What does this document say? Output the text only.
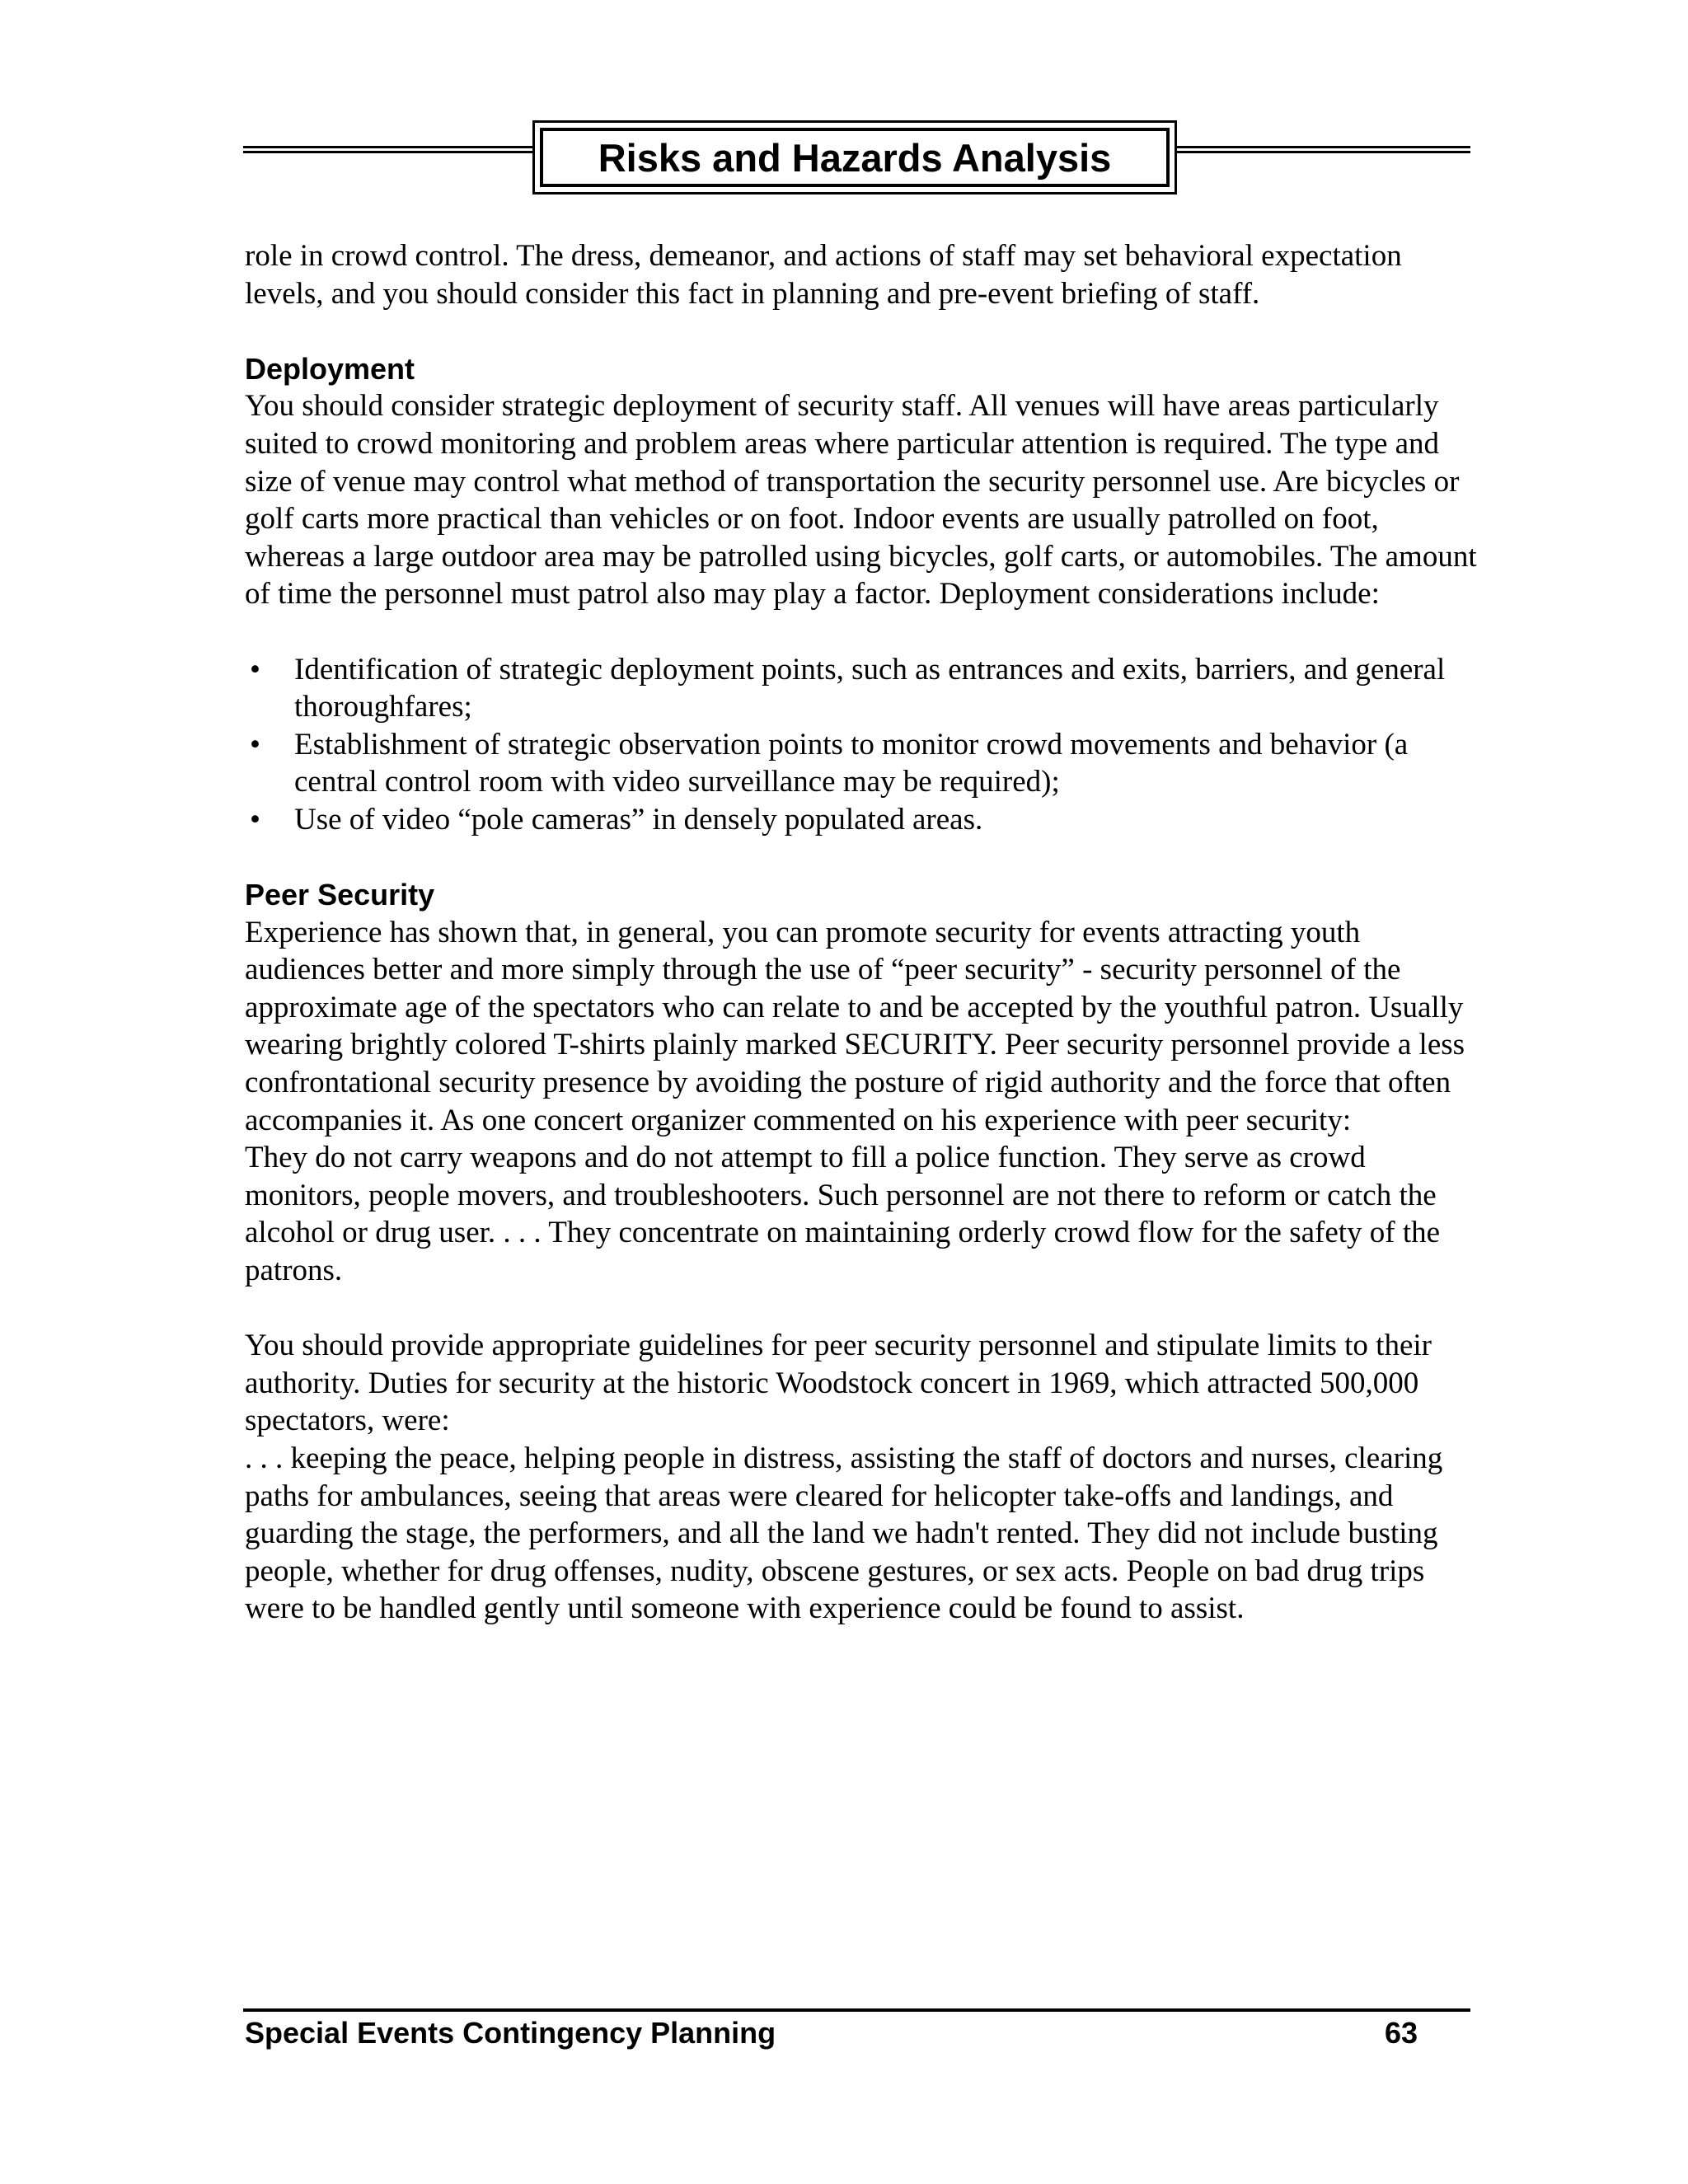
Risks and Hazards Analysis

role in crowd control. The dress, demeanor, and actions of staff may set behavioral expectation levels, and you should consider this fact in planning and pre-event briefing of staff.

Deployment

You should consider strategic deployment of security staff. All venues will have areas particularly suited to crowd monitoring and problem areas where particular attention is required. The type and size of venue may control what method of transportation the security personnel use. Are bicycles or golf carts more practical than vehicles or on foot. Indoor events are usually patrolled on foot, whereas a large outdoor area may be patrolled using bicycles, golf carts, or automobiles. The amount of time the personnel must patrol also may play a factor. Deployment considerations include:

• Identification of strategic deployment points, such as entrances and exits, barriers, and general thoroughfares;
• Establishment of strategic observation points to monitor crowd movements and behavior (a central control room with video surveillance may be required);
• Use of video “pole cameras” in densely populated areas.
Peer Security

Experience has shown that, in general, you can promote security for events attracting youth audiences better and more simply through the use of “peer security” - security personnel of the approximate age of the spectators who can relate to and be accepted by the youthful patron. Usually wearing brightly colored T-shirts plainly marked SECURITY. Peer security personnel provide a less confrontational security presence by avoiding the posture of rigid authority and the force that often accompanies it. As one concert organizer commented on his experience with peer security:

They do not carry weapons and do not attempt to fill a police function. They serve as crowd monitors, people movers, and troubleshooters. Such personnel are not there to reform or catch the alcohol or drug user. . . . They concentrate on maintaining orderly crowd flow for the safety of the patrons.

You should provide appropriate guidelines for peer security personnel and stipulate limits to their authority. Duties for security at the historic Woodstock concert in 1969, which attracted 500,000 spectators, were:

. . . keeping the peace, helping people in distress, assisting the staff of doctors and nurses, clearing paths for ambulances, seeing that areas were cleared for helicopter take-offs and landings, and guarding the stage, the performers, and all the land we hadn't rented. They did not include busting people, whether for drug offenses, nudity, obscene gestures, or sex acts. People on bad drug trips were to be handled gently until someone with experience could be found to assist.

Special Events Contingency Planning	63
